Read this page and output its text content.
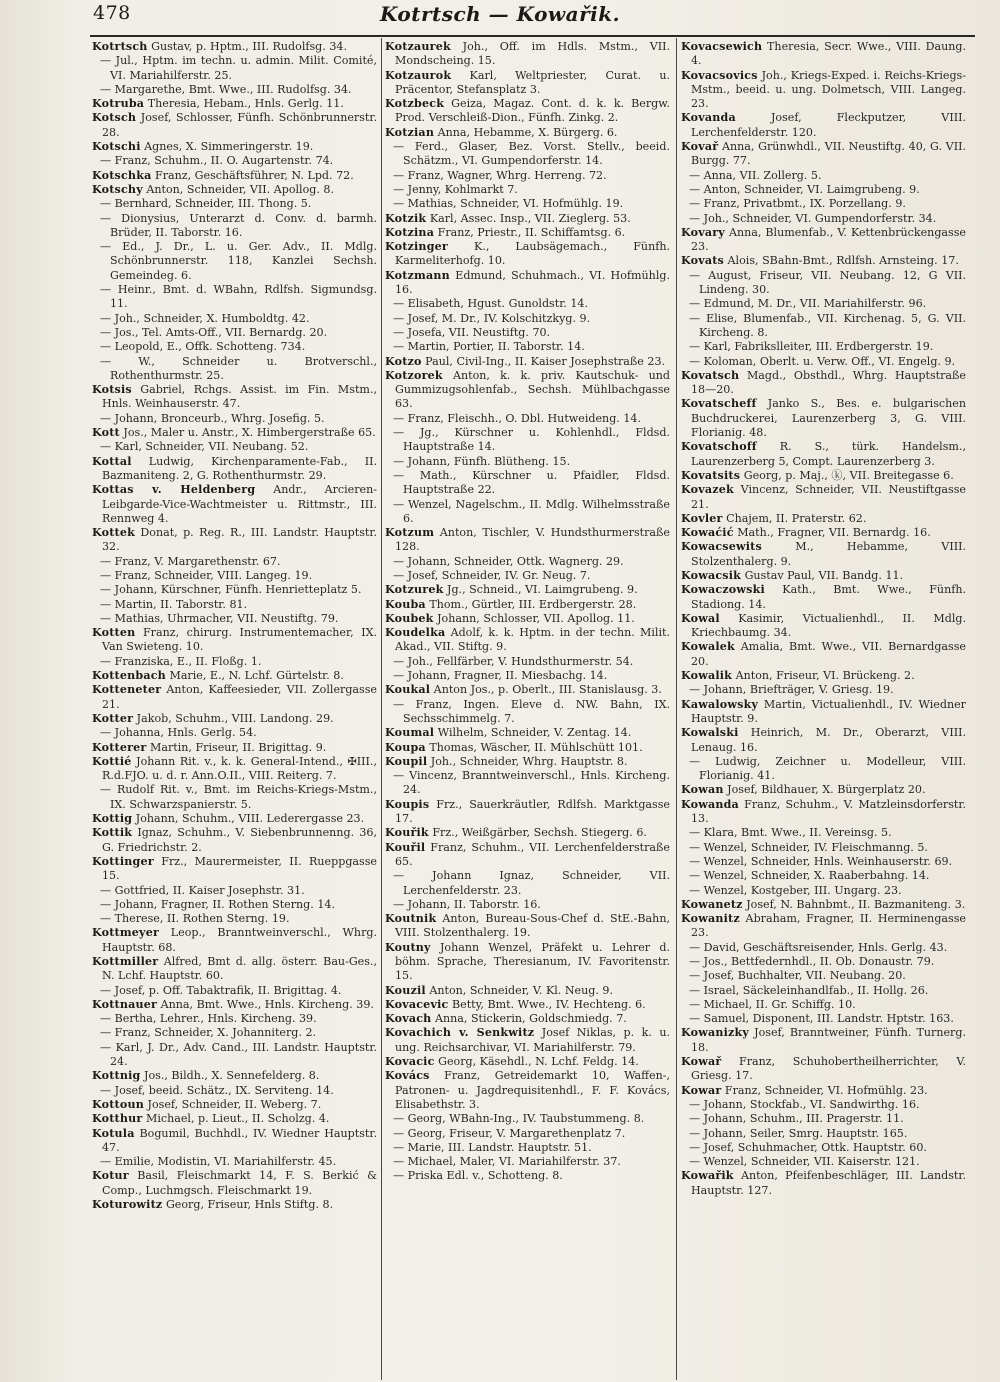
478	Kotrtsch — Kowařik.

Kotrtsch Gustav, p. Hptm., III. Rudolfsg. 34.

— Jul., Hptm. im techn. u. admin. Milit. Comité, VI. Mariahilferstr. 25.

— Margarethe, Bmt. Wwe., III. Rudolfsg. 34.

Kotruba Theresia, Hebam., Hnls. Gerlg. 11.

Kotsch Josef, Schlosser, Fünfh. Schönbrunnerstr. 28.

Kotschi Agnes, X. Simmeringerstr. 19.

— Franz, Schuhm., II. O. Augartenstr. 74.

Kotschka Franz, Geschäftsführer, N. Lpd. 72.

Kotschy Anton, Schneider, VII. Apollog. 8.

— Bernhard, Schneider, III. Thong. 5.

— Dionysius, Unterarzt d. Conv. d. barmh. Brüder, II. Taborstr. 16.

— Ed., J. Dr., L. u. Ger. Adv., II. Mdlg. Schönbrunnerstr. 118, Kanzlei Sechsh. Gemeindeg. 6.

— Heinr., Bmt. d. WBahn, Rdlfsh. Sigmundsg. 11.

— Joh., Schneider, X. Humboldtg. 42.

— Jos., Tel. Amts-Off., VII. Bernardg. 20.

— Leopold, E., Offk. Schotteng. 734.

— W., Schneider u. Brotverschl., Rothenthurmstr. 25.

Kotsis Gabriel, Rchgs. Assist. im Fin. Mstm., Hnls. Weinhauserstr. 47.

— Johann, Bronceurb., Whrg. Josefig. 5.

Kott Jos., Maler u. Anstr., X. Himbergerstraße 65.

— Karl, Schneider, VII. Neubang. 52.

Kottal Ludwig, Kirchenparamente-Fab., II. Bazmaniteng. 2, G. Rothenthurmstr. 29.

Kottas v. Heldenberg Andr., Arcieren-Leibgarde-Vice-Wachtmeister u. Rittmstr., III. Rennweg 4.

Kottek Donat, p. Reg. R., III. Landstr. Hauptstr. 32.

— Franz, V. Margarethenstr. 67.

— Franz, Schneider, VIII. Langeg. 19.

— Johann, Kürschner, Fünfh. Henrietteplatz 5.

— Martin, II. Taborstr. 81.

— Mathias, Uhrmacher, VII. Neustiftg. 79.

Kotten Franz, chirurg. Instrumentemacher, IX. Van Swieteng. 10.

— Franziska, E., II. Floßg. 1.

Kottenbach Marie, E., N. Lchf. Gürtelstr. 8.

Kotteneter Anton, Kaffeesieder, VII. Zollergasse 21.

Kotter Jakob, Schuhm., VIII. Landong. 29.

— Johanna, Hnls. Gerlg. 54.

Kotterer Martin, Friseur, II. Brigittag. 9.

Kottié Johann Rit. v., k. k. General-Intend., ✠III., R.d.FJO. u. d. r. Ann.O.II., VIII. Reiterg. 7.

— Rudolf Rit. v., Bmt. im Reichs-Kriegs-Mstm., IX. Schwarzspanierstr. 5.

Kottig Johann, Schuhm., VIII. Lederergasse 23.

Kottik Ignaz, Schuhm., V. Siebenbrunnenng. 36, G. Friedrichstr. 2.

Kottinger Frz., Maurermeister, II. Rueppgasse 15.

— Gottfried, II. Kaiser Josephstr. 31.

— Johann, Fragner, II. Rothen Sterng. 14.

— Therese, II. Rothen Sterng. 19.

Kottmeyer Leop., Branntweinverschl., Whrg. Hauptstr. 68.

Kottmiller Alfred, Bmt d. allg. österr. Bau-Ges., N. Lchf. Hauptstr. 60.

— Josef, p. Off. Tabaktrafik, II. Brigittag. 4.

Kottnauer Anna, Bmt. Wwe., Hnls. Kircheng. 39.

— Bertha, Lehrer., Hnls. Kircheng. 39.

— Franz, Schneider, X. Johanniterg. 2.

— Karl, J. Dr., Adv. Cand., III. Landstr. Hauptstr. 24.

Kottnig Jos., Bildh., X. Sennefelderg. 8.

— Josef, beeid. Schätz., IX. Serviteng. 14.

Kottoun Josef, Schneider, II. Weberg. 7.

Kotthur Michael, p. Lieut., II. Scholzg. 4.

Kotula Bogumil, Buchhdl., IV. Wiedner Hauptstr. 47.

— Emilie, Modistin, VI. Mariahilferstr. 45.

Kotur Basil, Fleischmarkt 14, F. S. Berkić & Comp., Luchmgsch. Fleischmarkt 19.

Koturowitz Georg, Friseur, Hnls Stiftg. 8.

Kotzaurek Joh., Off. im Hdls. Mstm., VII. Mondscheing. 15.

Kotzaurok Karl, Weltpriester, Curat. u. Präcentor, Stefansplatz 3.

Kotzbeck Geiza, Magaz. Cont. d. k. k. Bergw. Prod. Verschleiß-Dion., Fünfh. Zinkg. 2.

Kotzian Anna, Hebamme, X. Bürgerg. 6.

— Ferd., Glaser, Bez. Vorst. Stellv., beeid. Schätzm., VI. Gumpendorferstr. 14.

— Franz, Wagner, Whrg. Herreng. 72.

— Jenny, Kohlmarkt 7.

— Mathias, Schneider, VI. Hofmühlg. 19.

Kotzik Karl, Assec. Insp., VII. Zieglerg. 53.

Kotzina Franz, Priestr., II. Schiffamtsg. 6.

Kotzinger K., Laubsägemach., Fünfh. Karmeliterhofg. 10.

Kotzmann Edmund, Schuhmach., VI. Hofmühlg. 16.

— Elisabeth, Hgust. Gunoldstr. 14.

— Josef, M. Dr., IV. Kolschitzkyg. 9.

— Josefa, VII. Neustiftg. 70.

— Martin, Portier, II. Taborstr. 14.

Kotzo Paul, Civil-Ing., II. Kaiser Josephstraße 23.

Kotzorek Anton, k. k. priv. Kautschuk- und Gummizugsohlenfab., Sechsh. Mühlbachgasse 63.

— Franz, Fleischh., O. Dbl. Hutweideng. 14.

— Jg., Kürschner u. Kohlenhdl., Fldsd. Hauptstraße 14.

— Johann, Fünfh. Blütheng. 15.

— Math., Kürschner u. Pfaidler, Fldsd. Hauptstraße 22.

— Wenzel, Nagelschm., II. Mdlg. Wilhelmsstraße 6.

Kotzum Anton, Tischler, V. Hundsthurmerstraße 128.

— Johann, Schneider, Ottk. Wagnerg. 29.

— Josef, Schneider, IV. Gr. Neug. 7.

Kotzurek Jg., Schneid., VI. Laimgrubeng. 9.

Kouba Thom., Gürtler, III. Erdbergerstr. 28.

Koubek Johann, Schlosser, VII. Apollog. 11.

Koudelka Adolf, k. k. Hptm. in der techn. Milit. Akad., VII. Stiftg. 9.

— Joh., Fellfärber, V. Hundsthurmerstr. 54.

— Johann, Fragner, II. Miesbachg. 14.

Koukal Anton Jos., p. Oberlt., III. Stanislausg. 3.

— Franz, Ingen. Eleve d. NW. Bahn, IX. Sechsschimmelg. 7.

Koumal Wilhelm, Schneider, V. Zentag. 14.

Koupa Thomas, Wäscher, II. Mühlschütt 101.

Koupil Joh., Schneider, Whrg. Hauptstr. 8.

— Vincenz, Branntweinverschl., Hnls. Kircheng. 24.

Koupis Frz., Sauerkräutler, Rdlfsh. Marktgasse 17.

Kouřik Frz., Weißgärber, Sechsh. Stiegerg. 6.

Kouřil Franz, Schuhm., VII. Lerchenfelderstraße 65.

— Johann Ignaz, Schneider, VII. Lerchenfelderstr. 23.

— Johann, II. Taborstr. 16.

Koutnik Anton, Bureau-Sous-Chef d. StE.-Bahn, VIII. Stolzenthalerg. 19.

Koutny Johann Wenzel, Präfekt u. Lehrer d. böhm. Sprache, Theresianum, IV. Favoritenstr. 15.

Kouzil Anton, Schneider, V. Kl. Neug. 9.

Kovacevic Betty, Bmt. Wwe., IV. Hechteng. 6.

Kovach Anna, Stickerin, Goldschmiedg. 7.

Kovachich v. Senkwitz Josef Niklas, p. k. u. ung. Reichsarchivar, VI. Mariahilferstr. 79.

Kovacic Georg, Käsehdl., N. Lchf. Feldg. 14.

Kovács Franz, Getreidemarkt 10, Waffen-, Patronen- u. Jagdrequisitenhdl., F. F. Kovács, Elisabethstr. 3.

— Georg, WBahn-Ing., IV. Taubstummeng. 8.

— Georg, Friseur, V. Margarethenplatz 7.

— Marie, III. Landstr. Hauptstr. 51.

— Michael, Maler, VI. Mariahilferstr. 37.

— Priska Edl. v., Schotteng. 8.

Kovacsewich Theresia, Secr. Wwe., VIII. Daung. 4.

Kovacsovics Joh., Kriegs-Exped. i. Reichs-Kriegs-Mstm., beeid. u. ung. Dolmetsch, VIII. Langeg. 23.

Kovanda Josef, Fleckputzer, VIII. Lerchenfelderstr. 120.

Kovař Anna, Grünwhdl., VII. Neustiftg. 40, G. VII. Burgg. 77.

— Anna, VII. Zollerg. 5.

— Anton, Schneider, VI. Laimgrubeng. 9.

— Franz, Privatbmt., IX. Porzellang. 9.

— Joh., Schneider, VI. Gumpendorferstr. 34.

Kovary Anna, Blumenfab., V. Kettenbrückengasse 23.

Kovats Alois, SBahn-Bmt., Rdlfsh. Arnsteing. 17.

— August, Friseur, VII. Neubang. 12, G VII. Lindeng. 30.

— Edmund, M. Dr., VII. Mariahilferstr. 96.

— Elise, Blumenfab., VII. Kirchenag. 5, G. VII. Kircheng. 8.

— Karl, Fabrikslleiter, III. Erdbergerstr. 19.

— Koloman, Oberlt. u. Verw. Off., VI. Engelg. 9.

Kovatsch Magd., Obsthdl., Whrg. Hauptstraße 18—20.

Kovatscheff Janko S., Bes. e. bulgarischen Buchdruckerei, Laurenzerberg 3, G. VIII. Florianig. 48.

Kovatschoff R. S., türk. Handelsm., Laurenzerberg 5, Compt. Laurenzerberg 3.

Kovatsits Georg, p. Maj., ⓚ, VII. Breitegasse 6.

Kovazek Vincenz, Schneider, VII. Neustiftgasse 21.

Kovler Chajem, II. Praterstr. 62.

Kowaćić Math., Fragner, VII. Bernardg. 16.

Kowacsewits M., Hebamme, VIII. Stolzenthalerg. 9.

Kowacsik Gustav Paul, VII. Bandg. 11.

Kowaczowski Kath., Bmt. Wwe., Fünfh. Stadiong. 14.

Kowal Kasimir, Victualienhdl., II. Mdlg. Kriechbaumg. 34.

Kowalek Amalia, Bmt. Wwe., VII. Bernardgasse 20.

Kowalik Anton, Friseur, VI. Brückeng. 2.

— Johann, Briefträger, V. Griesg. 19.

Kawalowsky Martin, Victualienhdl., IV. Wiedner Hauptstr. 9.

Kowalski Heinrich, M. Dr., Oberarzt, VIII. Lenaug. 16.

— Ludwig, Zeichner u. Modelleur, VIII. Florianig. 41.

Kowan Josef, Bildhauer, X. Bürgerplatz 20.

Kowanda Franz, Schuhm., V. Matzleinsdorferstr. 13.

— Klara, Bmt. Wwe., II. Vereinsg. 5.

— Wenzel, Schneider, IV. Fleischmanng. 5.

— Wenzel, Schneider, Hnls. Weinhauserstr. 69.

— Wenzel, Schneider, X. Raaberbahng. 14.

— Wenzel, Kostgeber, III. Ungarg. 23.

Kowanetz Josef, N. Bahnbmt., II. Bazmaniteng. 3.

Kowanitz Abraham, Fragner, II. Herminengasse 23.

— David, Geschäftsreisender, Hnls. Gerlg. 43.

— Jos., Bettfedernhdl., II. Ob. Donaustr. 79.

— Josef, Buchhalter, VII. Neubang. 20.

— Israel, Säckeleinhandlfab., II. Hollg. 26.

— Michael, II. Gr. Schiffg. 10.

— Samuel, Disponent, III. Landstr. Hptstr. 163.

Kowanizky Josef, Branntweiner, Fünfh. Turnerg. 18.

Kowař Franz, Schuhobertheilherrichter, V. Griesg. 17.

Kowar Franz, Schneider, VI. Hofmühlg. 23.

— Johann, Stockfab., VI. Sandwirthg. 16.

— Johann, Schuhm., III. Pragerstr. 11.

— Johann, Seiler, Smrg. Hauptstr. 165.

— Josef, Schuhmacher, Ottk. Hauptstr. 60.

— Wenzel, Schneider, VII. Kaiserstr. 121.

Kowařik Anton, Pfeifenbeschläger, III. Landstr. Hauptstr. 127.
